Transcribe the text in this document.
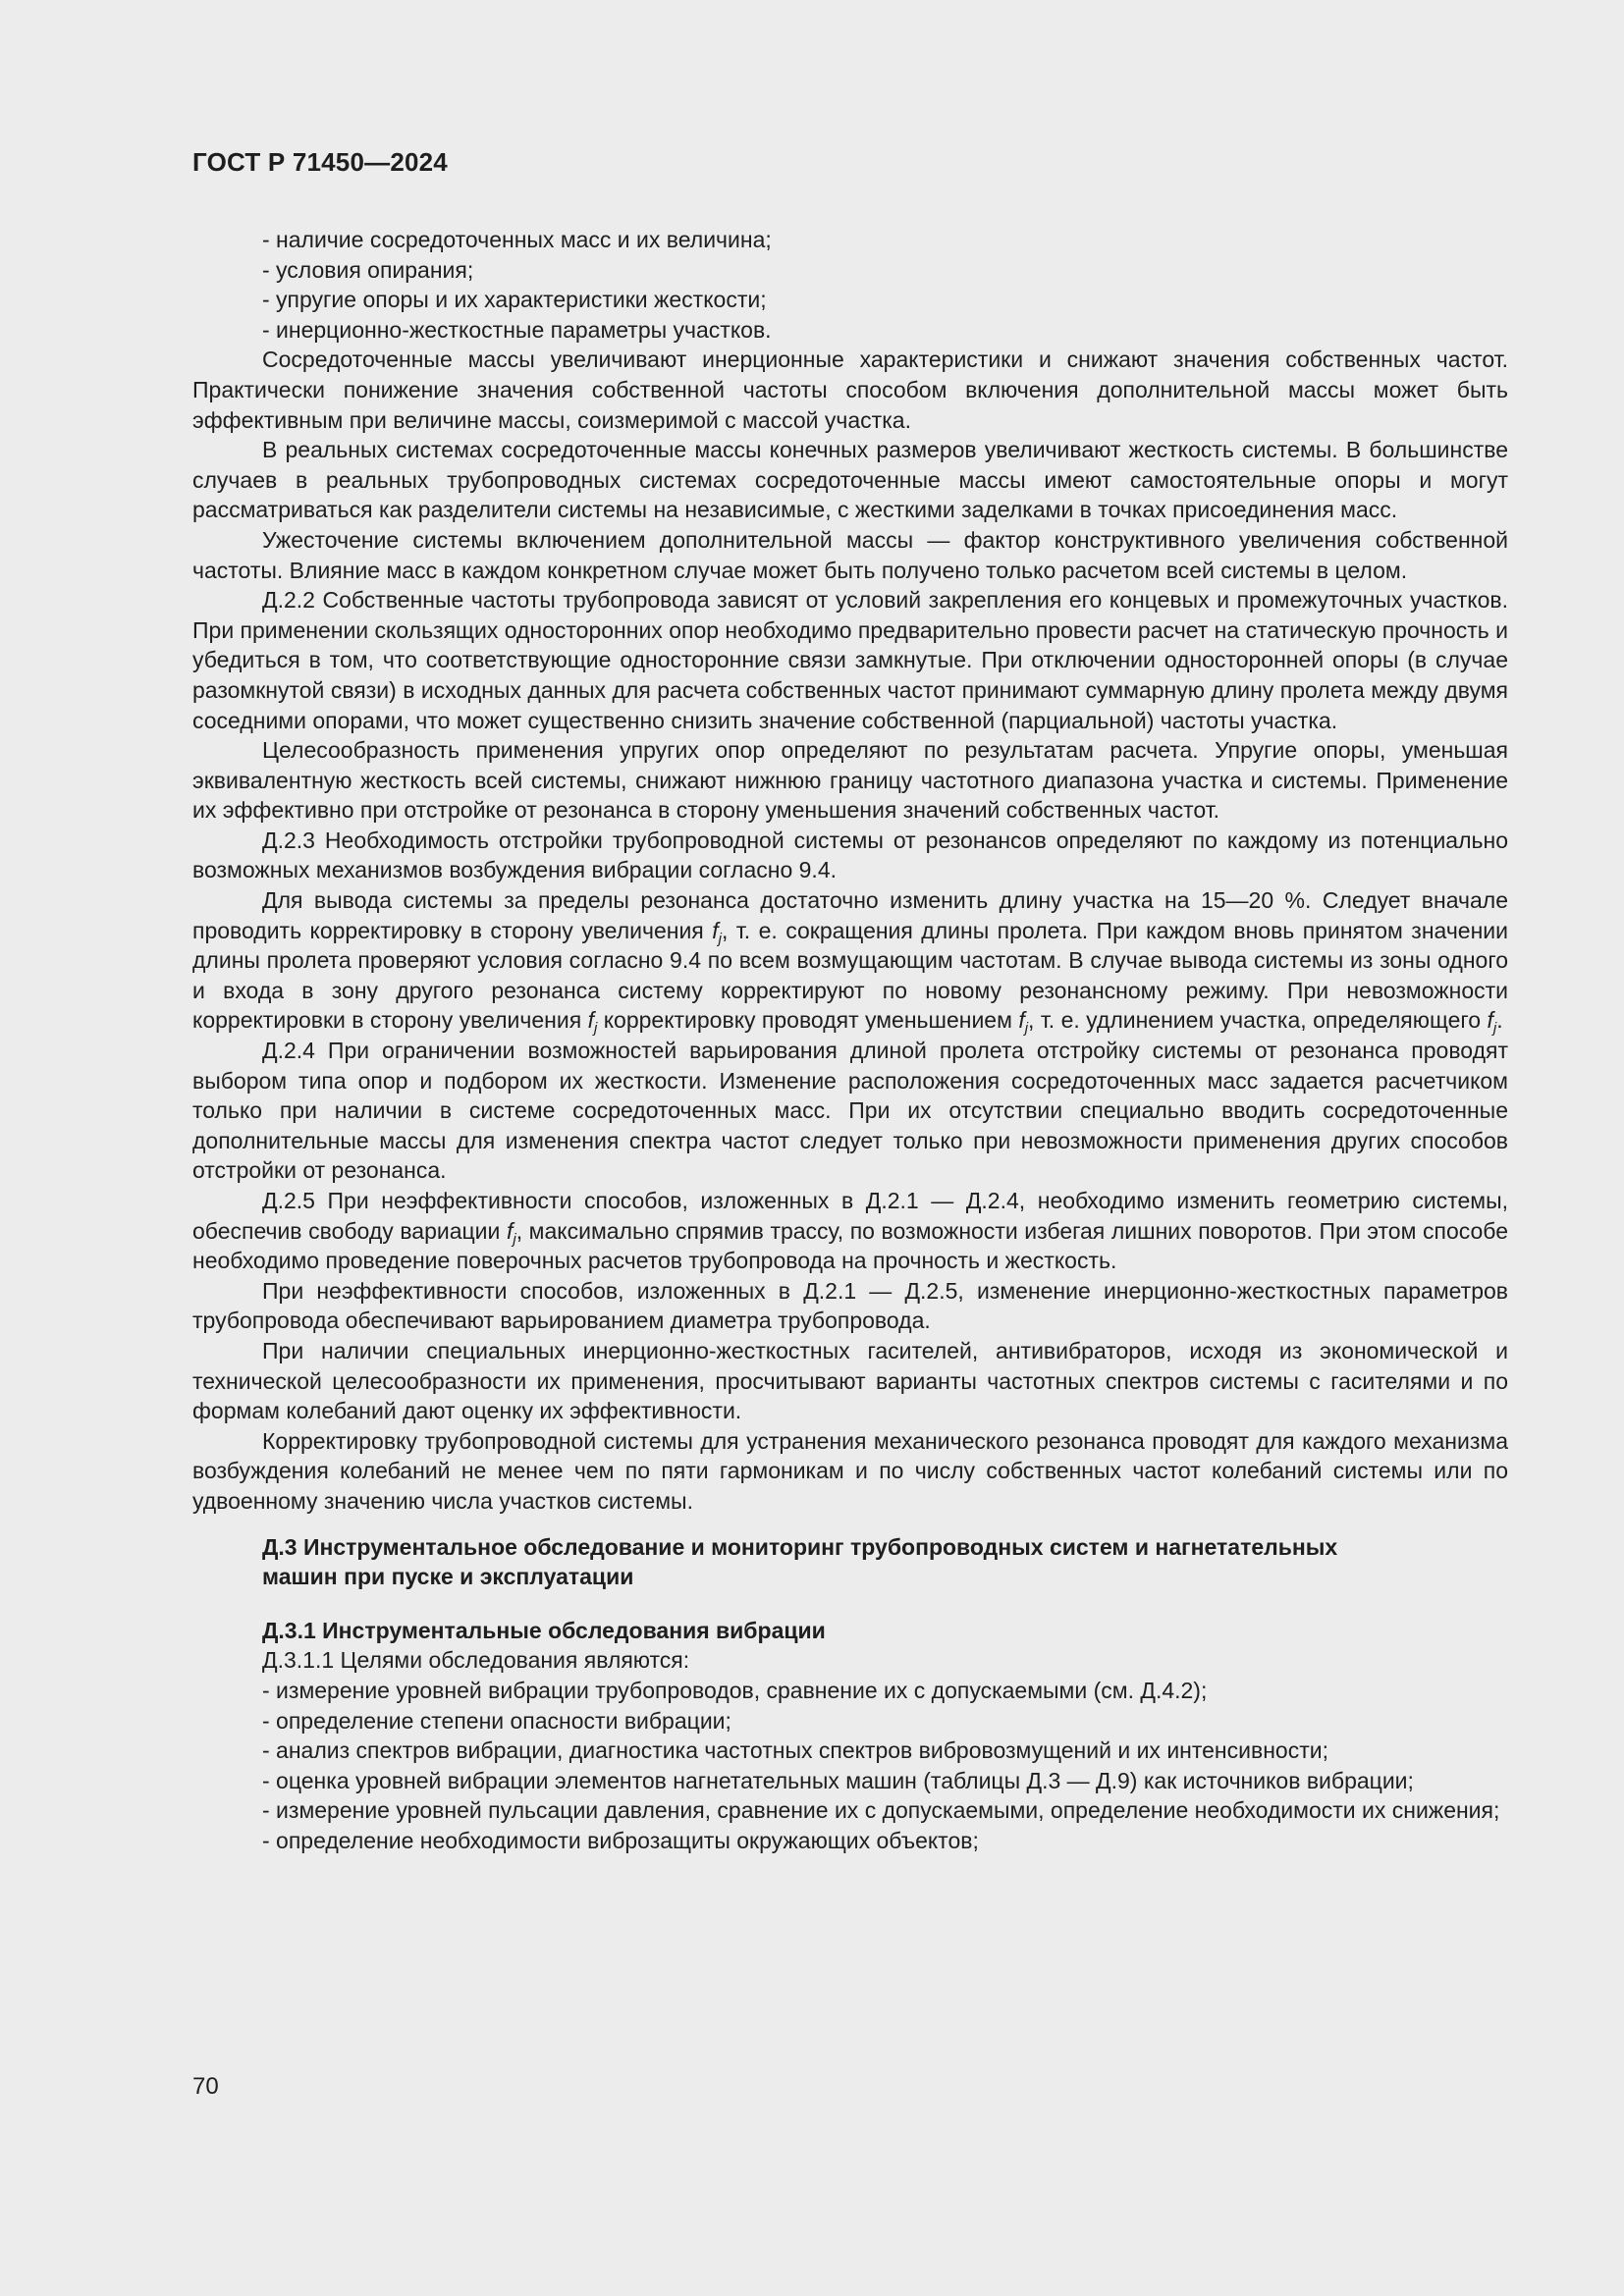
ГОСТ Р 71450—2024

- наличие сосредоточенных масс и их величина;

- условия опирания;

- упругие опоры и их характеристики жесткости;

- инерционно-жесткостные параметры участков.

Сосредоточенные массы увеличивают инерционные характеристики и снижают значения собственных частот. Практически понижение значения собственной частоты способом включения дополнительной массы может быть эффективным при величине массы, соизмеримой с массой участка.

В реальных системах сосредоточенные массы конечных размеров увеличивают жесткость системы. В большинстве случаев в реальных трубопроводных системах сосредоточенные массы имеют самостоятельные опоры и могут рассматриваться как разделители системы на независимые, с жесткими заделками в точках присоединения масс.

Ужесточение системы включением дополнительной массы — фактор конструктивного увеличения собственной частоты. Влияние масс в каждом конкретном случае может быть получено только расчетом всей системы в целом.

Д.2.2 Собственные частоты трубопровода зависят от условий закрепления его концевых и промежуточных участков. При применении скользящих односторонних опор необходимо предварительно провести расчет на статическую прочность и убедиться в том, что соответствующие односторонние связи замкнутые. При отключении односторонней опоры (в случае разомкнутой связи) в исходных данных для расчета собственных частот принимают суммарную длину пролета между двумя соседними опорами, что может существенно снизить значение собственной (парциальной) частоты участка.

Целесообразность применения упругих опор определяют по результатам расчета. Упругие опоры, уменьшая эквивалентную жесткость всей системы, снижают нижнюю границу частотного диапазона участка и системы. Применение их эффективно при отстройке от резонанса в сторону уменьшения значений собственных частот.

Д.2.3 Необходимость отстройки трубопроводной системы от резонансов определяют по каждому из потенциально возможных механизмов возбуждения вибрации согласно 9.4.

Для вывода системы за пределы резонанса достаточно изменить длину участка на 15—20 %. Следует вначале проводить корректировку в сторону увеличения $f_j$, т. е. сокращения длины пролета. При каждом вновь принятом значении длины пролета проверяют условия согласно 9.4 по всем возмущающим частотам. В случае вывода системы из зоны одного и входа в зону другого резонанса систему корректируют по новому резонансному режиму. При невозможности корректировки в сторону увеличения $f_j$ корректировку проводят уменьшением $f_j$, т. е. удлинением участка, определяющего $f_j$.

Д.2.4 При ограничении возможностей варьирования длиной пролета отстройку системы от резонанса проводят выбором типа опор и подбором их жесткости. Изменение расположения сосредоточенных масс задается расчетчиком только при наличии в системе сосредоточенных масс. При их отсутствии специально вводить сосредоточенные дополнительные массы для изменения спектра частот следует только при невозможности применения других способов отстройки от резонанса.

Д.2.5 При неэффективности способов, изложенных в Д.2.1 — Д.2.4, необходимо изменить геометрию системы, обеспечив свободу вариации $f_j$, максимально спрямив трассу, по возможности избегая лишних поворотов. При этом способе необходимо проведение поверочных расчетов трубопровода на прочность и жесткость.

При неэффективности способов, изложенных в Д.2.1 — Д.2.5, изменение инерционно-жесткостных параметров трубопровода обеспечивают варьированием диаметра трубопровода.

При наличии специальных инерционно-жесткостных гасителей, антивибраторов, исходя из экономической и технической целесообразности их применения, просчитывают варианты частотных спектров системы с гасителями и по формам колебаний дают оценку их эффективности.

Корректировку трубопроводной системы для устранения механического резонанса проводят для каждого механизма возбуждения колебаний не менее чем по пяти гармоникам и по числу собственных частот колебаний системы или по удвоенному значению числа участков системы.

Д.3 Инструментальное обследование и мониторинг трубопроводных систем и нагнетательных
машин при пуске и эксплуатации
Д.3.1 Инструментальные обследования вибрации

Д.3.1.1 Целями обследования являются:

- измерение уровней вибрации трубопроводов, сравнение их с допускаемыми (см. Д.4.2);

- определение степени опасности вибрации;

- анализ спектров вибрации, диагностика частотных спектров вибровозмущений и их интенсивности;

- оценка уровней вибрации элементов нагнетательных машин (таблицы Д.3 — Д.9) как источников вибрации;

- измерение уровней пульсации давления, сравнение их с допускаемыми, определение необходимости их снижения;

- определение необходимости виброзащиты окружающих объектов;

70
